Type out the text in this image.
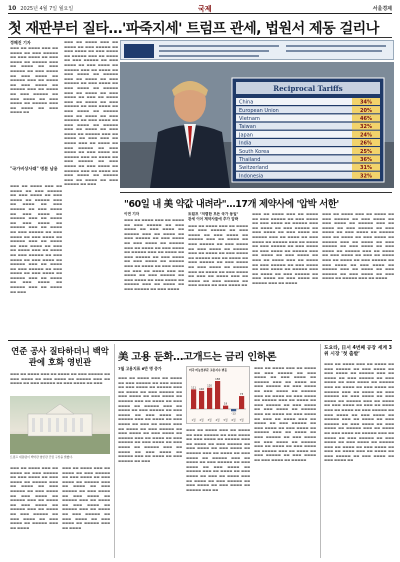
10 2025년 4월 7일 월요일	국제	서울경제
첫 재판부터 질타…'파죽지세' 트럼프 관세, 법원서 제동 걸리나
정혜진 기자
▬▬▬ ▬▬ ▬▬▬▬ ▬▬▬ ▬▬ ▬▬▬▬ ▬▬ ▬▬▬ ▬▬▬▬▬ ▬▬ ▬▬▬ ▬▬▬▬ ▬▬ ▬▬▬ ▬▬▬▬ ▬▬ ▬▬▬▬▬ ▬▬▬ ▬▬ ▬▬▬▬ ▬▬ ▬▬▬ ▬▬▬▬▬ ▬▬ ▬▬▬ ▬▬▬▬ ▬▬ ▬▬▬ ▬▬▬▬ ▬▬ ▬▬▬▬▬ ▬▬▬ ▬▬ ▬▬▬▬ ▬▬ ▬▬▬ ▬▬▬▬ ▬▬ ▬▬▬▬▬ ▬▬▬ ▬▬ ▬▬▬▬ ▬▬ ▬▬▬ ▬▬▬▬▬ ▬▬ ▬▬▬ ▬▬▬▬ ▬▬ ▬▬▬ ▬▬▬▬ ▬▬ ▬▬▬▬▬ ▬▬▬ ▬▬ ▬▬▬▬ ▬▬ ▬▬▬ ▬▬▬▬ ▬▬
"국가비상사태" 명분 남용
▬▬▬ ▬▬ ▬▬▬▬ ▬▬▬ ▬▬ ▬▬▬▬ ▬▬ ▬▬▬ ▬▬▬▬▬ ▬▬ ▬▬▬ ▬▬▬▬ ▬▬ ▬▬▬ ▬▬▬▬ ▬▬ ▬▬▬▬▬ ▬▬▬ ▬▬ ▬▬▬▬ ▬▬ ▬▬▬ ▬▬▬▬▬ ▬▬ ▬▬▬ ▬▬▬▬ ▬▬ ▬▬▬ ▬▬▬▬ ▬▬ ▬▬▬▬▬ ▬▬▬ ▬▬ ▬▬▬▬ ▬▬ ▬▬▬ ▬▬▬▬ ▬▬ ▬▬▬▬▬ ▬▬▬ ▬▬ ▬▬▬▬ ▬▬ ▬▬▬ ▬▬▬▬▬ ▬▬ ▬▬▬ ▬▬▬▬ ▬▬ ▬▬▬ ▬▬▬▬ ▬▬ ▬▬▬▬▬ ▬▬▬ ▬▬ ▬▬▬▬ ▬▬ ▬▬▬ ▬▬▬▬ ▬▬ ▬▬▬ ▬▬ ▬▬▬▬ ▬▬▬ ▬▬ ▬▬▬▬ ▬▬ ▬▬▬ ▬▬▬▬▬ ▬▬ ▬▬▬ ▬▬▬▬ ▬▬ ▬▬▬ ▬▬▬▬ ▬▬ ▬▬▬▬▬ ▬▬▬ ▬▬ ▬▬▬▬ ▬▬ ▬▬▬ ▬▬▬▬▬ ▬▬ ▬▬▬ ▬▬▬▬ ▬▬ ▬▬▬ ▬▬▬▬ ▬▬ ▬▬▬▬▬ ▬▬▬ ▬▬ ▬▬▬▬ ▬▬ ▬▬▬ ▬▬▬▬ ▬▬ ▬▬▬▬▬ ▬▬▬ ▬▬ ▬▬▬▬ ▬▬ ▬▬▬
▬▬▬ ▬▬ ▬▬▬▬ ▬▬▬ ▬▬ ▬▬▬▬ ▬▬ ▬▬▬ ▬▬▬▬▬ ▬▬ ▬▬▬ ▬▬▬▬ ▬▬ ▬▬▬ ▬▬▬▬ ▬▬ ▬▬▬▬▬ ▬▬▬ ▬▬ ▬▬▬▬ ▬▬ ▬▬▬ ▬▬▬▬▬ ▬▬ ▬▬▬ ▬▬▬▬ ▬▬ ▬▬▬ ▬▬▬▬ ▬▬ ▬▬▬▬▬ ▬▬▬ ▬▬ ▬▬▬▬ ▬▬ ▬▬▬ ▬▬▬▬ ▬▬ ▬▬▬▬▬ ▬▬▬ ▬▬ ▬▬▬▬ ▬▬ ▬▬▬ ▬▬▬▬▬ ▬▬ ▬▬▬ ▬▬▬▬ ▬▬ ▬▬▬ ▬▬▬▬ ▬▬ ▬▬▬▬▬ ▬▬▬ ▬▬ ▬▬▬▬ ▬▬ ▬▬▬ ▬▬▬▬ ▬▬ ▬▬▬ ▬▬ ▬▬▬▬ ▬▬▬ ▬▬ ▬▬▬▬ ▬▬ ▬▬▬ ▬▬▬▬▬ ▬▬ ▬▬▬ ▬▬▬▬ ▬▬ ▬▬▬ ▬▬▬▬ ▬▬ ▬▬▬▬▬ ▬▬▬ ▬▬ ▬▬▬▬ ▬▬ ▬▬▬ ▬▬▬▬▬ ▬▬ ▬▬▬ ▬▬▬▬ ▬▬ ▬▬▬ ▬▬▬▬ ▬▬ ▬▬▬▬▬ ▬▬▬ ▬▬ ▬▬▬▬ ▬▬ ▬▬▬ ▬▬▬▬ ▬▬ ▬▬▬▬▬ ▬▬▬ ▬▬ ▬▬▬▬ ▬▬ ▬▬▬ ▬▬▬ ▬▬ ▬▬▬▬ ▬▬▬ ▬▬ ▬▬▬▬ ▬▬ ▬▬▬ ▬▬▬▬▬ ▬▬ ▬▬▬ ▬▬▬▬ ▬▬ ▬▬▬ ▬▬▬▬ ▬▬ ▬▬▬▬▬ ▬▬▬ ▬▬ ▬▬▬▬ ▬▬ ▬▬▬ ▬▬▬▬▬ ▬▬ ▬▬▬ ▬▬▬▬ ▬▬ ▬▬▬ ▬▬▬▬ ▬▬ ▬▬▬▬▬ ▬▬▬ ▬▬ ▬▬▬▬ ▬▬ ▬▬▬ ▬▬▬▬ ▬▬ ▬▬▬▬▬ ▬▬▬ ▬▬ ▬▬▬▬ ▬▬ ▬▬▬ ▬▬▬▬▬ ▬▬ ▬▬▬
Reciprocal Tariffs
China	34%
European Union	20%
Vietnam	46%
Taiwan	32%
Japan	24%
India	26%
South Korea	25%
Thailand	36%
Switzerland	31%
Indonesia	32%
"60일 내 美 약값 내려라"…17개 제약사에 '압박 서한'
이연 기자
▬▬▬ ▬▬ ▬▬▬▬ ▬▬▬ ▬▬ ▬▬▬▬ ▬▬ ▬▬▬ ▬▬▬▬▬ ▬▬ ▬▬▬ ▬▬▬▬ ▬▬ ▬▬▬ ▬▬▬▬ ▬▬ ▬▬▬▬▬ ▬▬▬ ▬▬ ▬▬▬▬ ▬▬ ▬▬▬ ▬▬▬▬▬ ▬▬ ▬▬▬ ▬▬▬▬ ▬▬ ▬▬▬ ▬▬▬▬ ▬▬ ▬▬▬▬▬ ▬▬▬ ▬▬ ▬▬▬▬ ▬▬ ▬▬▬ ▬▬▬▬ ▬▬ ▬▬▬▬▬ ▬▬▬ ▬▬ ▬▬▬▬ ▬▬ ▬▬▬ ▬▬▬▬▬ ▬▬ ▬▬▬ ▬▬▬▬ ▬▬ ▬▬▬ ▬▬▬▬ ▬▬ ▬▬▬▬▬ ▬▬▬ ▬▬ ▬▬▬▬ ▬▬ ▬▬▬ ▬▬▬▬ ▬▬ ▬▬▬ ▬▬ ▬▬▬▬ ▬▬▬ ▬▬ ▬▬▬▬ ▬▬ ▬▬▬ ▬▬▬▬▬ ▬▬ ▬▬▬ ▬▬▬▬ ▬▬ ▬▬▬ ▬▬▬▬ ▬▬ ▬▬▬▬▬ ▬▬▬ ▬▬ ▬▬▬▬ ▬▬ ▬▬▬ ▬▬▬▬▬ ▬▬ ▬▬▬ ▬▬▬▬
트럼프 "저렴한 모든 국가 동일"
관세 이어 제약사들에 추가 압박
▬▬▬ ▬▬ ▬▬▬▬ ▬▬▬ ▬▬ ▬▬▬▬ ▬▬ ▬▬▬ ▬▬▬▬▬ ▬▬ ▬▬▬ ▬▬▬▬ ▬▬ ▬▬▬ ▬▬▬▬ ▬▬ ▬▬▬▬▬ ▬▬▬ ▬▬ ▬▬▬▬ ▬▬ ▬▬▬ ▬▬▬▬▬ ▬▬ ▬▬▬ ▬▬▬▬ ▬▬ ▬▬▬ ▬▬▬▬ ▬▬ ▬▬▬▬▬ ▬▬▬ ▬▬ ▬▬▬▬ ▬▬ ▬▬▬ ▬▬▬▬ ▬▬ ▬▬▬▬▬ ▬▬▬ ▬▬ ▬▬▬▬ ▬▬ ▬▬▬ ▬▬▬▬▬ ▬▬ ▬▬▬ ▬▬▬▬ ▬▬ ▬▬▬ ▬▬▬▬ ▬▬ ▬▬▬▬▬ ▬▬▬ ▬▬ ▬▬▬▬ ▬▬ ▬▬▬ ▬▬▬▬ ▬▬ ▬▬▬ ▬▬ ▬▬▬▬ ▬▬▬ ▬▬ ▬▬▬▬ ▬▬ ▬▬▬ ▬▬▬▬▬ ▬▬ ▬▬▬ ▬▬▬▬ ▬▬ ▬▬▬ ▬▬▬▬ ▬▬
▬▬▬ ▬▬ ▬▬▬▬ ▬▬▬ ▬▬ ▬▬▬▬ ▬▬ ▬▬▬ ▬▬▬▬▬ ▬▬ ▬▬▬ ▬▬▬▬ ▬▬ ▬▬▬ ▬▬▬▬ ▬▬ ▬▬▬▬▬ ▬▬▬ ▬▬ ▬▬▬▬ ▬▬ ▬▬▬ ▬▬▬▬▬ ▬▬ ▬▬▬ ▬▬▬▬ ▬▬ ▬▬▬ ▬▬▬▬ ▬▬ ▬▬▬▬▬ ▬▬▬ ▬▬ ▬▬▬▬ ▬▬ ▬▬▬ ▬▬▬▬ ▬▬ ▬▬▬▬▬ ▬▬▬ ▬▬ ▬▬▬▬ ▬▬ ▬▬▬ ▬▬▬▬▬ ▬▬ ▬▬▬ ▬▬▬▬ ▬▬ ▬▬▬ ▬▬▬▬ ▬▬ ▬▬▬▬▬ ▬▬▬ ▬▬ ▬▬▬▬ ▬▬ ▬▬▬ ▬▬▬▬ ▬▬ ▬▬▬ ▬▬ ▬▬▬▬ ▬▬▬ ▬▬ ▬▬▬▬ ▬▬ ▬▬▬ ▬▬▬▬▬ ▬▬ ▬▬▬ ▬▬▬▬ ▬▬ ▬▬▬ ▬▬▬▬ ▬▬ ▬▬▬▬▬ ▬▬▬ ▬▬ ▬▬▬▬ ▬▬ ▬▬▬ ▬▬▬▬▬ ▬▬ ▬▬▬ ▬▬▬▬ ▬▬ ▬▬▬ ▬▬▬▬ ▬▬ ▬▬▬▬▬ ▬▬▬ ▬▬ ▬▬▬▬
▬▬▬ ▬▬ ▬▬▬▬ ▬▬▬ ▬▬ ▬▬▬▬ ▬▬ ▬▬▬ ▬▬▬▬▬ ▬▬ ▬▬▬ ▬▬▬▬ ▬▬ ▬▬▬ ▬▬▬▬ ▬▬ ▬▬▬▬▬ ▬▬▬ ▬▬ ▬▬▬▬ ▬▬ ▬▬▬ ▬▬▬▬▬ ▬▬ ▬▬▬ ▬▬▬▬ ▬▬ ▬▬▬ ▬▬▬▬ ▬▬ ▬▬▬▬▬ ▬▬▬ ▬▬ ▬▬▬▬ ▬▬ ▬▬▬ ▬▬▬▬ ▬▬ ▬▬▬▬▬ ▬▬▬ ▬▬ ▬▬▬▬ ▬▬ ▬▬▬ ▬▬▬▬▬ ▬▬ ▬▬▬ ▬▬▬▬ ▬▬ ▬▬▬ ▬▬▬▬ ▬▬ ▬▬▬▬▬ ▬▬▬ ▬▬ ▬▬▬▬ ▬▬ ▬▬▬ ▬▬▬▬ ▬▬ ▬▬▬ ▬▬ ▬▬▬▬ ▬▬▬ ▬▬ ▬▬▬▬ ▬▬ ▬▬▬ ▬▬▬▬▬ ▬▬ ▬▬▬ ▬▬▬▬ ▬▬ ▬▬▬ ▬▬▬▬ ▬▬ ▬▬▬▬▬ ▬▬▬ ▬▬ ▬▬▬▬ ▬▬ ▬▬▬ ▬▬▬▬▬ ▬▬ ▬▬▬ ▬▬▬▬ ▬▬ ▬▬▬ ▬▬▬▬ ▬▬ ▬▬▬▬▬ ▬▬▬ ▬▬ ▬▬▬▬
연준 공사 질타하더니 백악관에 호화 영빈관
▬▬▬ ▬▬ ▬▬▬▬ ▬▬▬ ▬▬ ▬▬▬▬ ▬▬ ▬▬▬ ▬▬▬▬▬ ▬▬ ▬▬▬ ▬▬▬▬ ▬▬ ▬▬▬ ▬▬▬▬ ▬▬ ▬▬▬▬▬ ▬▬▬ ▬▬ ▬▬▬▬ ▬▬ ▬▬▬ ▬▬▬▬▬ ▬▬ ▬▬▬ ▬▬▬▬ ▬▬ ▬▬▬
트럼프 대통령이 백악관 영빈관 건립 구상을 밝혔다.
▬▬▬ ▬▬ ▬▬▬▬ ▬▬▬ ▬▬ ▬▬▬▬ ▬▬ ▬▬▬ ▬▬▬▬▬ ▬▬ ▬▬▬ ▬▬▬▬ ▬▬ ▬▬▬ ▬▬▬▬ ▬▬ ▬▬▬▬▬ ▬▬▬ ▬▬ ▬▬▬▬ ▬▬ ▬▬▬ ▬▬▬▬▬ ▬▬ ▬▬▬ ▬▬▬▬ ▬▬ ▬▬▬ ▬▬▬▬ ▬▬ ▬▬▬▬▬ ▬▬▬ ▬▬ ▬▬▬▬ ▬▬ ▬▬▬ ▬▬▬▬ ▬▬ ▬▬▬▬▬ ▬▬▬ ▬▬ ▬▬▬▬ ▬▬ ▬▬▬ ▬▬▬▬▬ ▬▬ ▬▬▬ ▬▬▬▬ ▬▬ ▬▬▬ ▬▬▬▬ ▬▬ ▬▬▬▬▬ ▬▬▬ ▬▬ ▬▬▬▬
▬▬▬ ▬▬ ▬▬▬▬ ▬▬▬ ▬▬ ▬▬▬▬ ▬▬ ▬▬▬ ▬▬▬▬▬ ▬▬ ▬▬▬ ▬▬▬▬ ▬▬ ▬▬▬ ▬▬▬▬ ▬▬ ▬▬▬▬▬ ▬▬▬ ▬▬ ▬▬▬▬ ▬▬ ▬▬▬ ▬▬▬▬▬ ▬▬ ▬▬▬ ▬▬▬▬ ▬▬ ▬▬▬ ▬▬▬▬ ▬▬ ▬▬▬▬▬ ▬▬▬ ▬▬ ▬▬▬▬ ▬▬ ▬▬▬ ▬▬▬▬ ▬▬ ▬▬▬▬▬ ▬▬▬ ▬▬ ▬▬▬▬ ▬▬ ▬▬▬ ▬▬▬▬▬ ▬▬ ▬▬▬ ▬▬▬▬ ▬▬ ▬▬▬ ▬▬▬▬ ▬▬ ▬▬▬▬▬ ▬▬▬ ▬▬ ▬▬▬▬
美 고용 둔화…고개드는 금리 인하론
7월 고용지표 6만 명 증가
▬▬▬ ▬▬ ▬▬▬▬ ▬▬▬ ▬▬ ▬▬▬▬ ▬▬ ▬▬▬ ▬▬▬▬▬ ▬▬ ▬▬▬ ▬▬▬▬ ▬▬ ▬▬▬ ▬▬▬▬ ▬▬ ▬▬▬▬▬ ▬▬▬ ▬▬ ▬▬▬▬ ▬▬ ▬▬▬ ▬▬▬▬▬ ▬▬ ▬▬▬ ▬▬▬▬ ▬▬ ▬▬▬ ▬▬▬▬ ▬▬ ▬▬▬▬▬ ▬▬▬ ▬▬ ▬▬▬▬ ▬▬ ▬▬▬ ▬▬▬▬ ▬▬ ▬▬▬▬▬ ▬▬▬ ▬▬ ▬▬▬▬ ▬▬ ▬▬▬ ▬▬▬▬▬ ▬▬ ▬▬▬ ▬▬▬▬ ▬▬ ▬▬▬ ▬▬▬▬ ▬▬ ▬▬▬▬▬ ▬▬▬ ▬▬ ▬▬▬▬ ▬▬ ▬▬▬ ▬▬▬▬ ▬▬ ▬▬▬ ▬▬ ▬▬▬▬ ▬▬▬ ▬▬ ▬▬▬▬ ▬▬ ▬▬▬ ▬▬▬▬▬ ▬▬ ▬▬▬ ▬▬▬▬ ▬▬ ▬▬▬ ▬▬▬▬ ▬▬ ▬▬▬▬▬ ▬▬▬ ▬▬ ▬▬▬▬ ▬▬ ▬▬▬ ▬▬▬▬▬ ▬▬ ▬▬▬ ▬▬▬▬ ▬▬ ▬▬▬ ▬▬▬▬ ▬▬ ▬▬▬▬▬ ▬▬▬ ▬▬ ▬▬▬▬ ▬▬ ▬▬▬ ▬▬▬▬ ▬▬ ▬▬▬▬▬ ▬▬▬ ▬▬ ▬▬▬▬ ▬▬ ▬▬▬ ▬▬▬▬▬ ▬▬ ▬▬▬
미국 비농업부문 고용지수 변동
111
1월
102
2월
120
3월
158
4월
19
5월
-13
6월
73
7월
▬▬▬ ▬▬ ▬▬▬▬ ▬▬▬ ▬▬ ▬▬▬▬ ▬▬ ▬▬▬ ▬▬▬▬▬ ▬▬ ▬▬▬ ▬▬▬▬ ▬▬ ▬▬▬ ▬▬▬▬ ▬▬ ▬▬▬▬▬ ▬▬▬ ▬▬ ▬▬▬▬ ▬▬ ▬▬▬ ▬▬▬▬▬ ▬▬ ▬▬▬ ▬▬▬▬ ▬▬ ▬▬▬ ▬▬▬▬ ▬▬ ▬▬▬▬▬ ▬▬▬ ▬▬ ▬▬▬▬ ▬▬ ▬▬▬ ▬▬▬▬ ▬▬ ▬▬▬▬▬ ▬▬▬ ▬▬ ▬▬▬▬ ▬▬ ▬▬▬ ▬▬▬▬▬ ▬▬ ▬▬▬ ▬▬▬▬ ▬▬ ▬▬▬ ▬▬▬▬ ▬▬ ▬▬▬▬▬ ▬▬▬ ▬▬ ▬▬▬▬ ▬▬ ▬▬▬ ▬▬▬▬ ▬▬ ▬▬▬ ▬▬ ▬▬▬▬ ▬▬▬ ▬▬ ▬▬▬▬ ▬▬ ▬▬▬ ▬▬▬▬▬ ▬▬ ▬▬▬ ▬▬▬▬ ▬▬ ▬▬▬ ▬▬▬▬ ▬▬ ▬▬▬▬▬ ▬▬▬ ▬▬
▬▬▬ ▬▬ ▬▬▬▬ ▬▬▬ ▬▬ ▬▬▬▬ ▬▬ ▬▬▬ ▬▬▬▬▬ ▬▬ ▬▬▬ ▬▬▬▬ ▬▬ ▬▬▬ ▬▬▬▬ ▬▬ ▬▬▬▬▬ ▬▬▬ ▬▬ ▬▬▬▬ ▬▬ ▬▬▬ ▬▬▬▬▬ ▬▬ ▬▬▬ ▬▬▬▬ ▬▬ ▬▬▬ ▬▬▬▬ ▬▬ ▬▬▬▬▬ ▬▬▬ ▬▬ ▬▬▬▬ ▬▬ ▬▬▬ ▬▬▬▬ ▬▬ ▬▬▬▬▬ ▬▬▬ ▬▬ ▬▬▬▬ ▬▬ ▬▬▬ ▬▬▬▬▬ ▬▬ ▬▬▬ ▬▬▬▬ ▬▬ ▬▬▬ ▬▬▬▬ ▬▬ ▬▬▬▬▬ ▬▬▬ ▬▬ ▬▬▬▬ ▬▬ ▬▬▬ ▬▬▬▬ ▬▬ ▬▬▬ ▬▬ ▬▬▬▬ ▬▬▬ ▬▬ ▬▬▬▬ ▬▬ ▬▬▬ ▬▬▬▬▬ ▬▬ ▬▬▬ ▬▬▬▬ ▬▬ ▬▬▬ ▬▬▬▬ ▬▬ ▬▬▬▬▬ ▬▬▬ ▬▬ ▬▬▬▬ ▬▬ ▬▬▬ ▬▬▬▬▬ ▬▬ ▬▬▬ ▬▬▬▬ ▬▬ ▬▬▬ ▬▬▬▬ ▬▬ ▬▬▬▬▬ ▬▬▬ ▬▬ ▬▬▬▬ ▬▬ ▬▬▬ ▬▬▬▬ ▬▬ ▬▬▬▬▬ ▬▬▬ ▬▬ ▬▬▬▬ ▬▬ ▬▬▬ ▬▬▬▬▬ ▬▬ ▬▬▬ ▬▬▬▬ ▬▬ ▬▬▬ ▬▬▬▬ ▬▬ ▬▬▬▬▬
도요타, 日서 4번째 공장 세계 3위 시장 '첫 출발'
▬▬▬ ▬▬ ▬▬▬▬ ▬▬▬ ▬▬ ▬▬▬▬ ▬▬ ▬▬▬ ▬▬▬▬▬ ▬▬ ▬▬▬ ▬▬▬▬ ▬▬ ▬▬▬ ▬▬▬▬ ▬▬ ▬▬▬▬▬ ▬▬▬ ▬▬ ▬▬▬▬ ▬▬ ▬▬▬ ▬▬▬▬▬ ▬▬ ▬▬▬ ▬▬▬▬ ▬▬ ▬▬▬ ▬▬▬▬ ▬▬ ▬▬▬▬▬ ▬▬▬ ▬▬ ▬▬▬▬ ▬▬ ▬▬▬ ▬▬▬▬ ▬▬ ▬▬▬▬▬ ▬▬▬ ▬▬ ▬▬▬▬ ▬▬ ▬▬▬ ▬▬▬▬▬ ▬▬ ▬▬▬ ▬▬▬▬ ▬▬ ▬▬▬ ▬▬▬▬ ▬▬ ▬▬▬▬▬ ▬▬▬ ▬▬ ▬▬▬▬ ▬▬ ▬▬▬ ▬▬▬▬ ▬▬ ▬▬▬ ▬▬ ▬▬▬▬ ▬▬▬ ▬▬ ▬▬▬▬ ▬▬ ▬▬▬ ▬▬▬▬▬ ▬▬ ▬▬▬ ▬▬▬▬ ▬▬ ▬▬▬ ▬▬▬▬ ▬▬ ▬▬▬▬▬ ▬▬▬ ▬▬ ▬▬▬▬ ▬▬ ▬▬▬ ▬▬▬▬▬ ▬▬ ▬▬▬ ▬▬▬▬ ▬▬ ▬▬▬ ▬▬▬▬ ▬▬ ▬▬▬▬▬ ▬▬▬ ▬▬ ▬▬▬▬ ▬▬ ▬▬▬ ▬▬▬▬ ▬▬ ▬▬▬▬▬ ▬▬▬ ▬▬ ▬▬▬▬ ▬▬ ▬▬▬ ▬▬▬▬▬ ▬▬ ▬▬▬ ▬▬▬▬ ▬▬ ▬▬▬ ▬▬▬▬ ▬▬ ▬▬▬▬▬ ▬▬▬ ▬▬ ▬▬▬▬ ▬▬ ▬▬▬ ▬▬▬▬ ▬▬ ▬▬▬ ▬▬ ▬▬▬▬ ▬▬▬ ▬▬ ▬▬▬▬ ▬▬ ▬▬▬ ▬▬▬▬▬ ▬▬ ▬▬▬ ▬▬▬▬ ▬▬ ▬▬▬ ▬▬▬▬ ▬▬
